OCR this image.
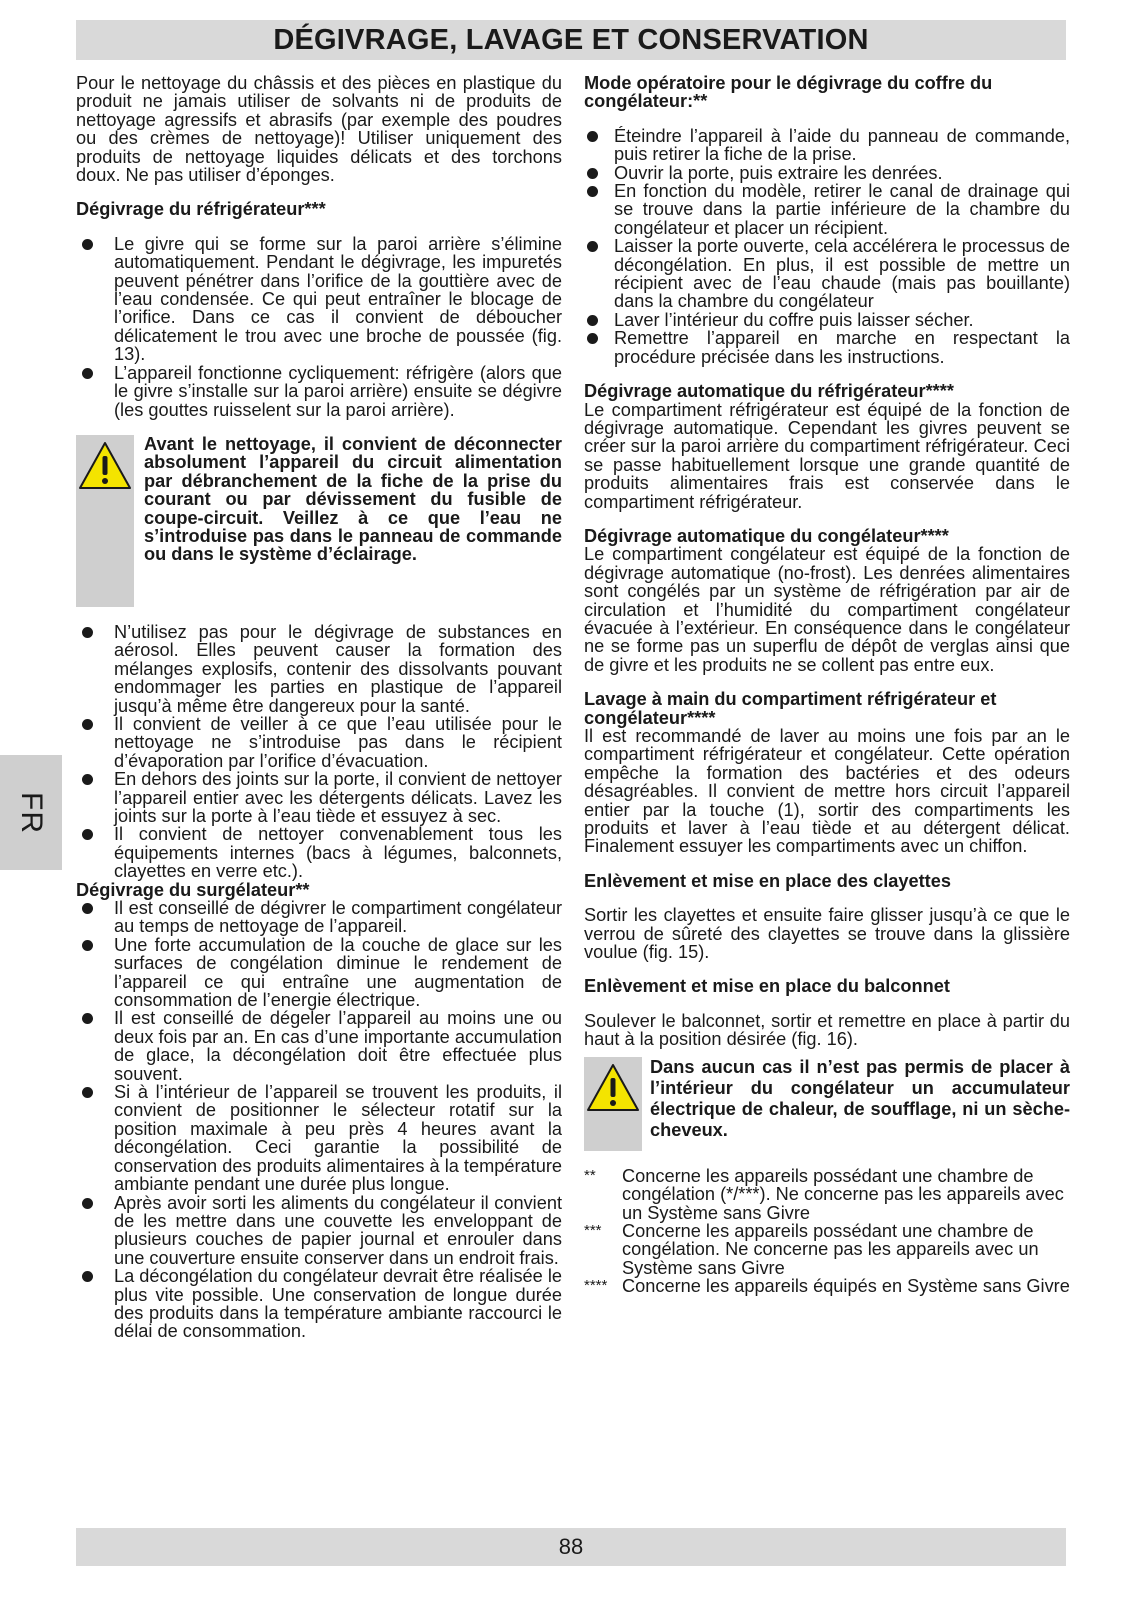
DÉGIVRAGE, LAVAGE ET CONSERVATION
FR

Pour le nettoyage du châssis et des pièces en plastique du produit ne jamais utiliser de solvants ni de produits de nettoyage agressifs et abrasifs (par exemple des poudres ou des crèmes de nettoyage)! Utiliser uniquement des produits de nettoyage liquides délicats et des torchons doux. Ne pas utiliser d’éponges.

Dégivrage du réfrigérateur***

Le givre qui se forme sur la paroi arrière s’élimine automatiquement. Pendant le dégivrage, les impuretés peuvent pénétrer dans l’orifice de la gouttière avec de l’eau condensée. Ce qui peut entraîner le blocage de l’orifice. Dans ce cas il convient de déboucher délicatement le trou avec une broche de poussée (fig. 13).
L’appareil fonctionne cycliquement: réfrigère (alors que le givre s’installe sur la paroi arrière) ensuite se dégivre (les gouttes ruisselent sur la paroi arrière).

Avant le nettoyage, il convient de déconnecter absolument l’appareil du circuit alimentation par débranchement de la fiche de la prise du courant ou par dévissement du fusible de coupe-circuit. Veillez à ce que l’eau ne s’introduise pas dans le panneau de commande ou dans le système d’éclairage.

N’utilisez pas pour le dégivrage de substances en aérosol. Elles peuvent causer la formation des mélanges explosifs, contenir des dissolvants pouvant endommager les parties en plastique de l’appareil jusqu’à même être dangereux pour la santé.
Il convient de veiller à ce que l’eau utilisée pour le nettoyage ne s’introduise pas dans le récipient d’évaporation par l’orifice d’évacuation.
En dehors des joints sur la porte, il convient de nettoyer l’appareil entier avec les détergents délicats. Lavez les joints sur la porte à l’eau tiède et essuyez à sec.
Il convient de nettoyer convenablement tous les équipements internes (bacs à légumes, balconnets, clayettes en verre etc.).

Dégivrage du surgélateur**

Il est conseillé de dégivrer le compartiment congélateur au temps de nettoyage de l’appareil.
Une forte accumulation de la couche de glace sur les surfaces de congélation diminue le rendement de l’appareil ce qui entraîne une augmentation de consommation de l’energie électrique.
Il est conseillé de dégeler l’appareil au moins une ou deux fois par an. En cas d’une importante accumulation de glace, la décongélation doit être effectuée plus souvent.
Si à l’intérieur de l’appareil se trouvent les produits, il convient de positionner le sélecteur rotatif sur la position maximale à peu près 4 heures avant la décongélation. Ceci garantie la possibilité de conservation des produits alimentaires à la température ambiante pendant une durée plus longue.
Après avoir sorti les aliments du congélateur il convient de les mettre dans une couvette les enveloppant de plusieurs couches de papier journal et enrouler dans une couverture ensuite conserver dans un endroit frais.
La décongélation du congélateur devrait être réalisée le plus vite possible. Une conservation de longue durée des produits dans la température ambiante raccourci le délai de consommation.

Mode opératoire pour le dégivrage du coffre du congélateur:**

Éteindre l’appareil à l’aide du panneau de commande, puis retirer la fiche de la prise.
Ouvrir la porte, puis extraire les denrées.
En fonction du modèle, retirer le canal de drainage qui se trouve dans la partie inférieure de la chambre du congélateur et placer un récipient.
Laisser la porte ouverte, cela accélérera le processus de décongélation. En plus, il est possible de mettre un récipient avec de l’eau chaude (mais pas bouillante) dans la chambre du congélateur
Laver l’intérieur du coffre puis laisser sécher.
Remettre l’appareil en marche en respectant la procédure précisée dans les instructions.

Dégivrage automatique du réfrigérateur****

Le compartiment réfrigérateur est équipé de la fonction de dégivrage automatique. Cependant les givres peuvent se créer sur la paroi arrière du compartiment réfrigérateur. Ceci se passe habituellement lorsque une grande quantité de produits alimentaires frais est conservée dans le compartiment réfrigérateur.

Dégivrage automatique du congélateur****

Le compartiment congélateur est équipé de la fonction de dégivrage automatique (no-frost). Les denrées alimentaires sont congélés par un système de réfrigération par air de circulation et l’humidité du compartiment congélateur évacuée à l’extérieur. En conséquence dans le congélateur ne se forme pas un superflu de dépôt de verglas ainsi que de givre et les produits ne se collent pas entre eux.

Lavage à main du compartiment réfrigérateur et congélateur****

Il est recommandé de laver au moins une fois par an le compartiment réfrigérateur et congélateur. Cette opération empêche la formation des bactéries et des odeurs désagréables. Il convient de mettre hors circuit l’appareil entier par la touche (1), sortir des compartiments les produits et laver à l’eau tiède et au détergent délicat. Finalement essuyer les compartiments avec un chiffon.

Enlèvement et mise en place des clayettes

Sortir les clayettes et ensuite faire glisser jusqu’à ce que le verrou de sûreté des clayettes se trouve dans la glissière voulue (fig. 15).

Enlèvement et mise en place du balconnet

Soulever le balconnet, sortir et remettre en place à partir du haut à la position désirée (fig. 16).

Dans aucun cas il n’est pas permis de placer à l’intérieur du congélateur un accumulateur électrique de chaleur, de soufflage, ni un sèche-cheveux.

** Concerne les appareils possédant une chambre de congélation (*/***). Ne concerne pas les appareils avec un Système sans Givre
*** Concerne les appareils possédant une chambre de congélation. Ne concerne pas les appareils avec un Système sans Givre
**** Concerne les appareils équipés en Système sans Givre
88
